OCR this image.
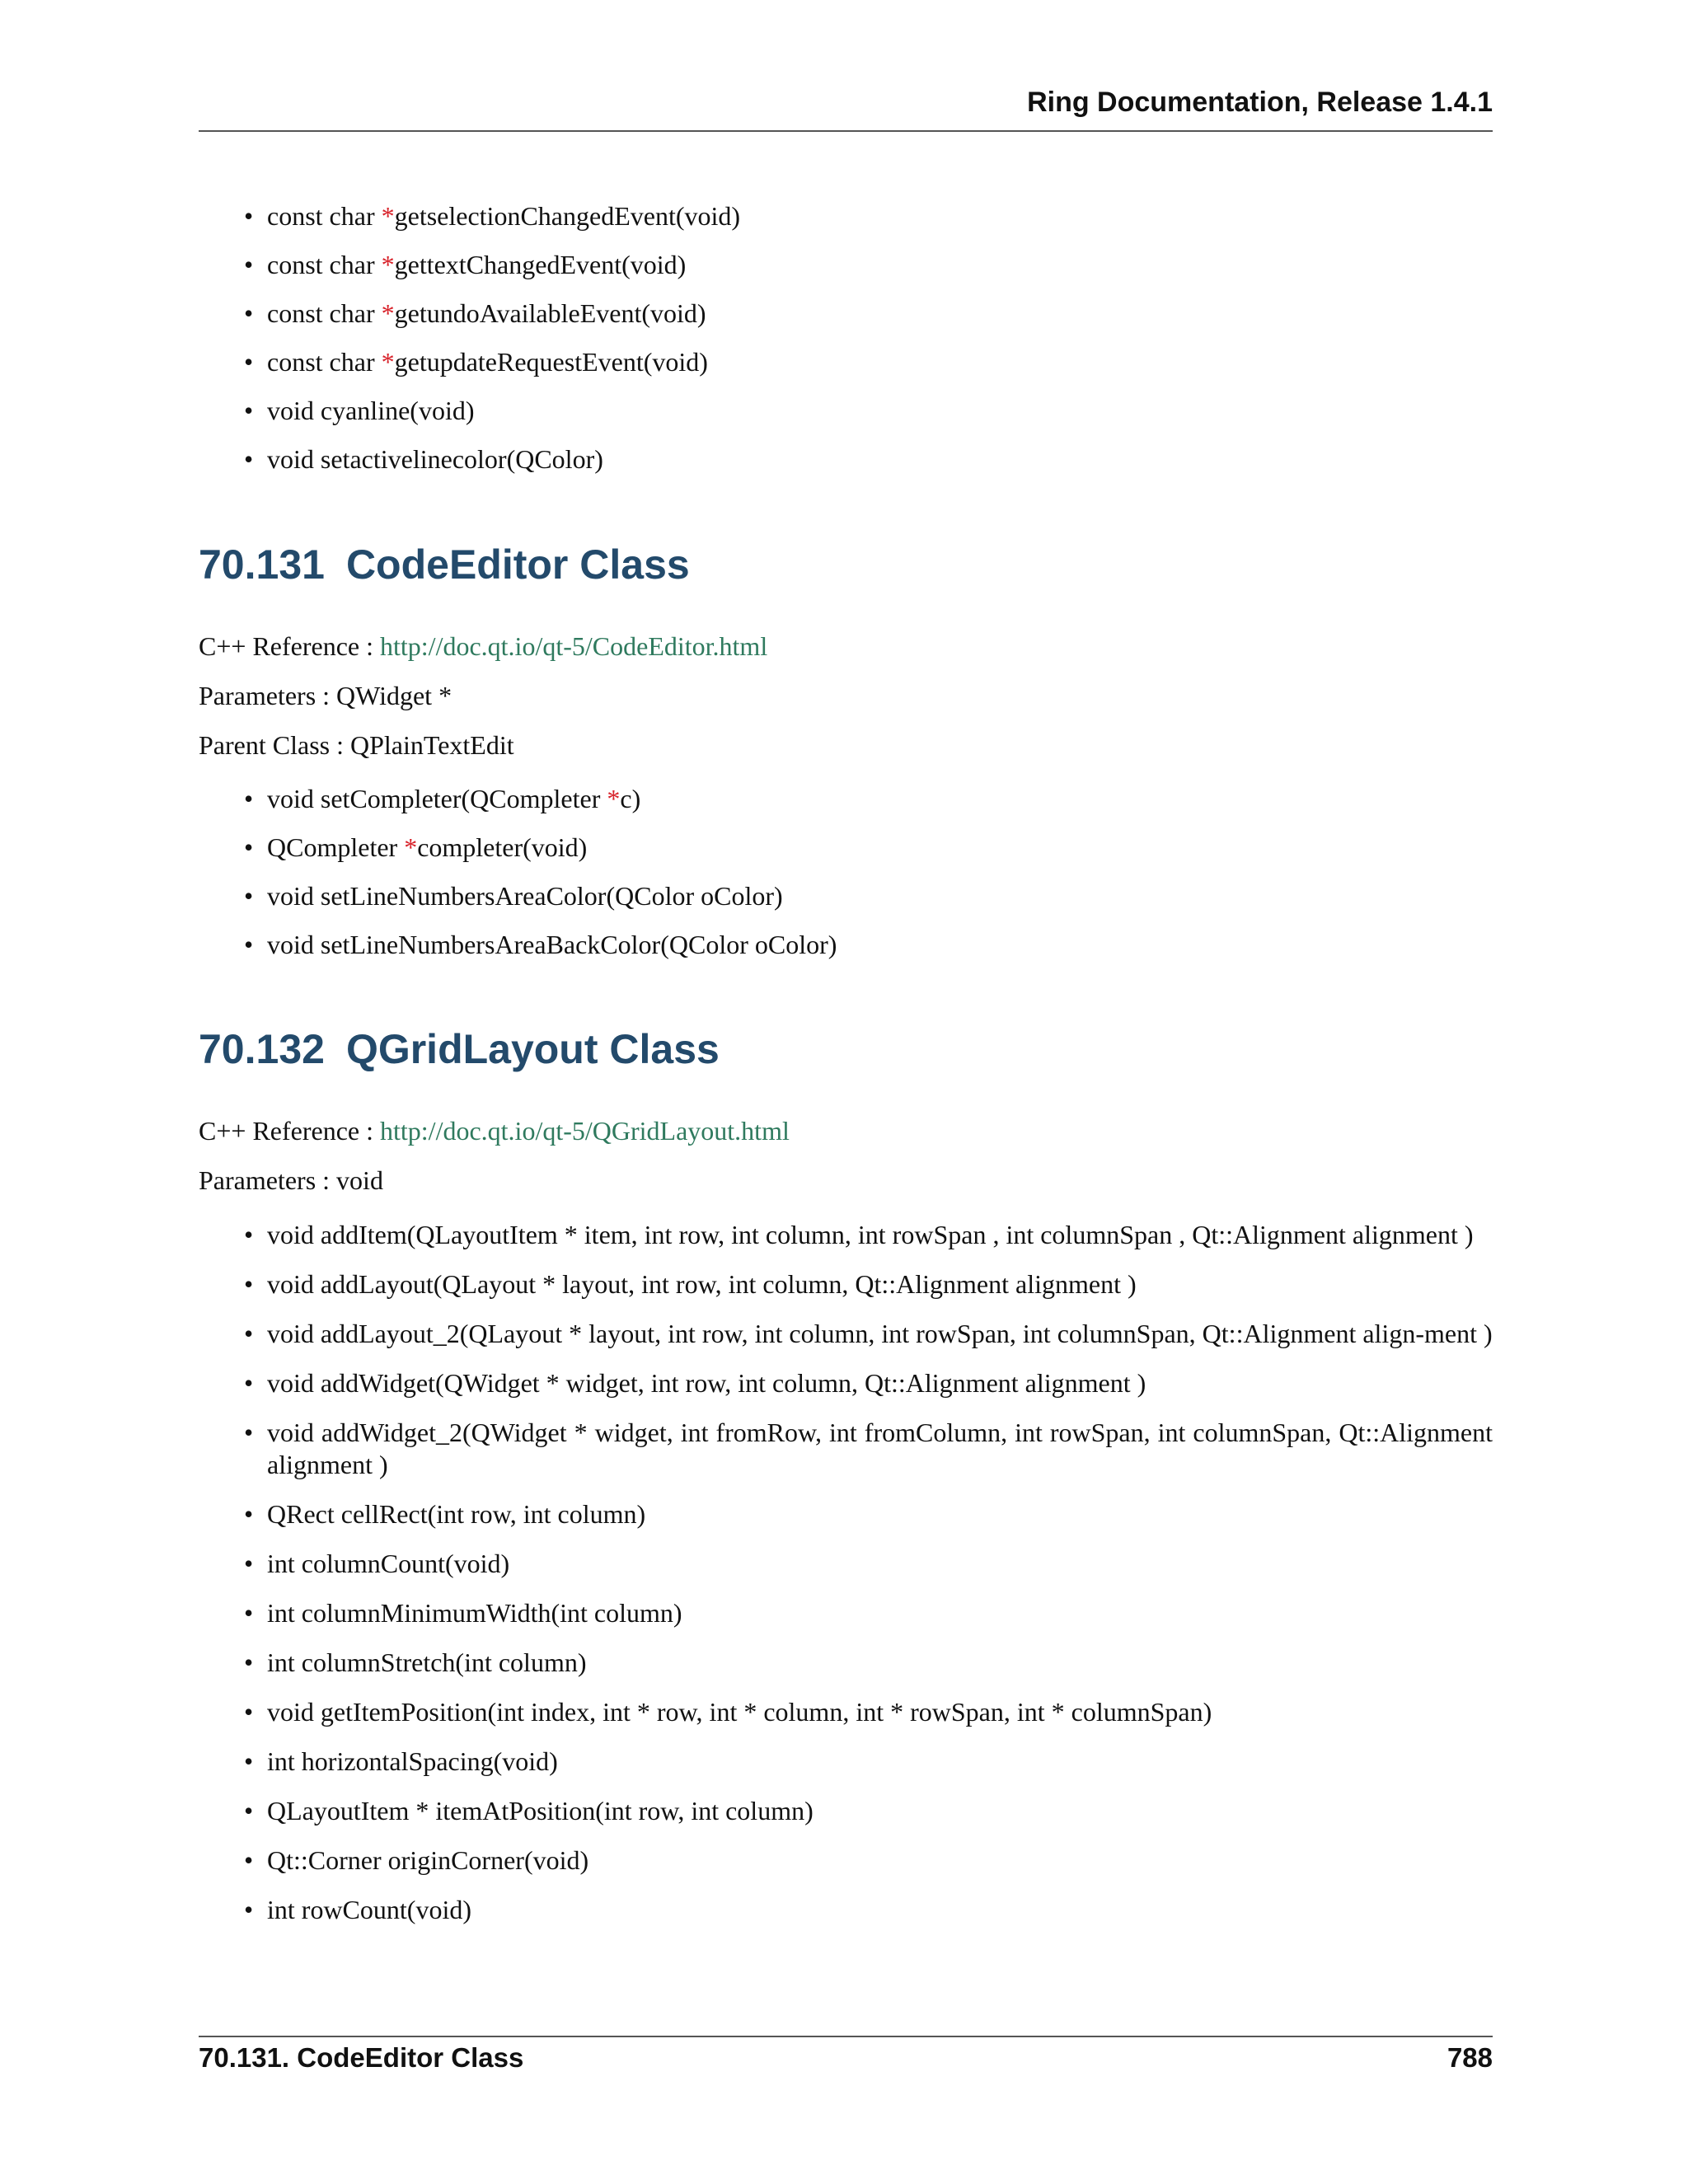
Ring Documentation, Release 1.4.1
• const char *getselectionChangedEvent(void)
• const char *gettextChangedEvent(void)
• const char *getundoAvailableEvent(void)
• const char *getupdateRequestEvent(void)
• void cyanline(void)
• void setactivelinecolor(QColor)
70.131 CodeEditor Class
C++ Reference : http://doc.qt.io/qt-5/CodeEditor.html
Parameters : QWidget *
Parent Class : QPlainTextEdit
• void setCompleter(QCompleter *c)
• QCompleter *completer(void)
• void setLineNumbersAreaColor(QColor oColor)
• void setLineNumbersAreaBackColor(QColor oColor)
70.132 QGridLayout Class
C++ Reference : http://doc.qt.io/qt-5/QGridLayout.html
Parameters : void
• void addItem(QLayoutItem * item, int row, int column, int rowSpan , int columnSpan , Qt::Alignment alignment )
• void addLayout(QLayout * layout, int row, int column, Qt::Alignment alignment )
• void addLayout_2(QLayout * layout, int row, int column, int rowSpan, int columnSpan, Qt::Alignment align-ment )
• void addWidget(QWidget * widget, int row, int column, Qt::Alignment alignment )
• void addWidget_2(QWidget * widget, int fromRow, int fromColumn, int rowSpan, int columnSpan, Qt::Alignment alignment )
• QRect cellRect(int row, int column)
• int columnCount(void)
• int columnMinimumWidth(int column)
• int columnStretch(int column)
• void getItemPosition(int index, int * row, int * column, int * rowSpan, int * columnSpan)
• int horizontalSpacing(void)
• QLayoutItem * itemAtPosition(int row, int column)
• Qt::Corner originCorner(void)
• int rowCount(void)
70.131. CodeEditor Class	788
